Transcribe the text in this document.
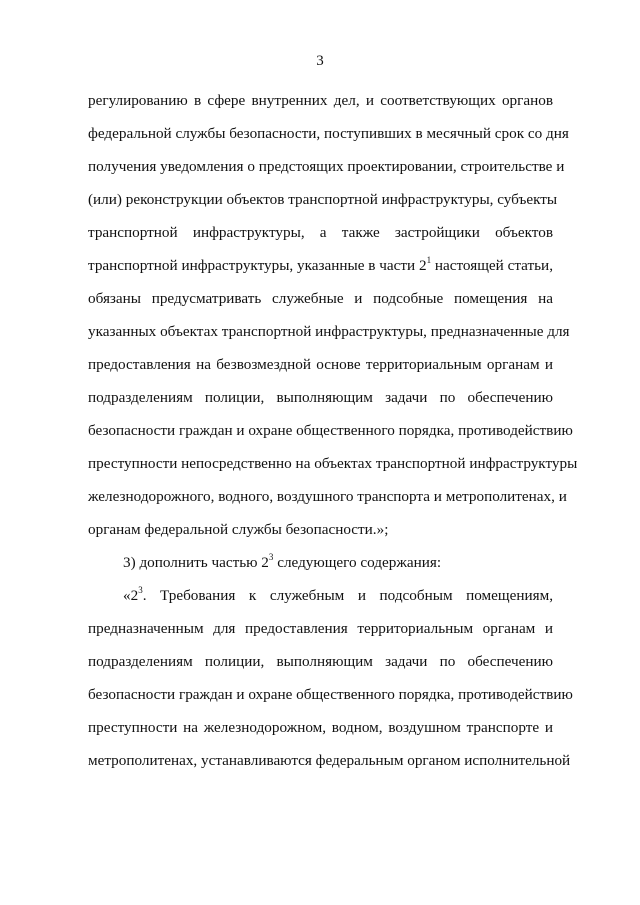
3

регулированию в сфере внутренних дел, и соответствующих органов

федеральной службы безопасности, поступивших в месячный срок со дня

получения уведомления о предстоящих проектировании, строительстве и

(или) реконструкции объектов транспортной инфраструктуры, субъекты

транспортной инфраструктуры, а также застройщики объектов

транспортной инфраструктуры, указанные в части $2^1$ настоящей статьи,

обязаны предусматривать служебные и подсобные помещения на

указанных объектах транспортной инфраструктуры, предназначенные для

предоставления на безвозмездной основе территориальным органам и

подразделениям полиции, выполняющим задачи по обеспечению

безопасности граждан и охране общественного порядка, противодействию

преступности непосредственно на объектах транспортной инфраструктуры

железнодорожного, водного, воздушного транспорта и метрополитенах, и

органам федеральной службы безопасности.»;

3) дополнить частью $2^3$ следующего содержания:

«$2^3$. Требования к служебным и подсобным помещениям,

предназначенным для предоставления территориальным органам и

подразделениям полиции, выполняющим задачи по обеспечению

безопасности граждан и охране общественного порядка, противодействию

преступности на железнодорожном, водном, воздушном транспорте и

метрополитенах, устанавливаются федеральным органом исполнительной
